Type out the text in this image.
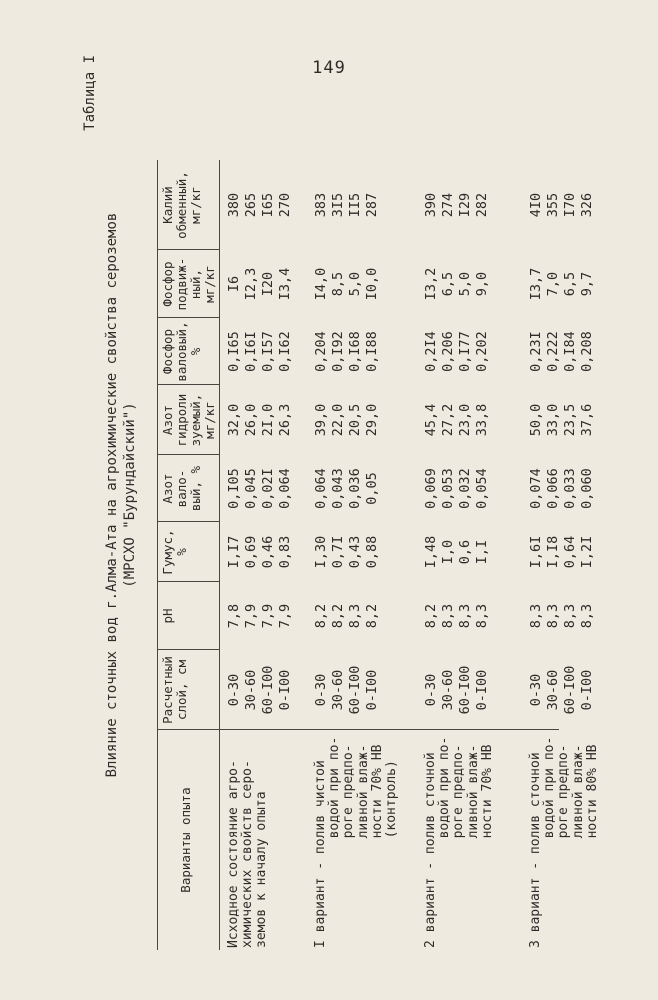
149
Таблица I
Влияние сточных вод г.Алма-Ата на агрохимические свойства сероземов (МРСХО "Бурундайский")
Варианты опыта
Расчетный
слой, см
pH
Гумус,
%
Азот
вало-
вый, %
Азот
гидроли
зуемый,
мг/кг
Фосфор
вaловый,
%
Фосфор
подвиж-
ный,
мг/кг
Калий
обменный,
мг/кг
Исходное состояние агро-
химических свойств серо-
земов к началу опыта
0-30
7,8
I,I7
0,I05
32,0
0,I65
I6
380
30-60
7,9
0,69
0,045
26,0
0,I6I
I2,3
265
60-I00
7,9
0,46
0,02I
2I,0
0,I57
I20
I65
0-I00
7,9
0,83
0,064
26,3
0,I62
I3,4
270
I вариант - полив чистой
водой при по-
роге предпо-
ливной влаж-
ности 70% НВ
(контроль)
0-30
8,2
I,30
0,064
39,0
0,204
I4,0
383
30-60
8,2
0,7I
0,043
22,0
0,I92
8,5
3I5
60-I00
8,3
0,43
0,036
20,5
0,I68
5,0
II5
0-I00
8,2
0,88
0,05
29,0
0,I88
I0,0
287
2 вариант - полив сточной
водой при по-
роге предпо-
ливной влаж-
ности 70% НВ
0-30
8,2
I,48
0,069
45,4
0,2I4
I3,2
390
30-60
8,3
I,0
0,053
27,2
0,206
6,5
274
60-I00
8,3
0,6
0,032
23,0
0,I77
5,0
I29
0-I00
8,3
I,I
0,054
33,8
0,202
9,0
282
3 вариант - полив сточной
водой при по-
роге предпо-
ливной влаж-
ности 80% НВ
0-30
8,3
I,6I
0,074
50,0
0,23I
I3,7
4I0
30-60
8,3
I,I8
0,066
33,0
0,222
7,0
355
60-I00
8,3
0,64
0,033
23,5
0,I84
6,5
I70
0-I00
8,3
I,2I
0,060
37,6
0,208
9,7
326
